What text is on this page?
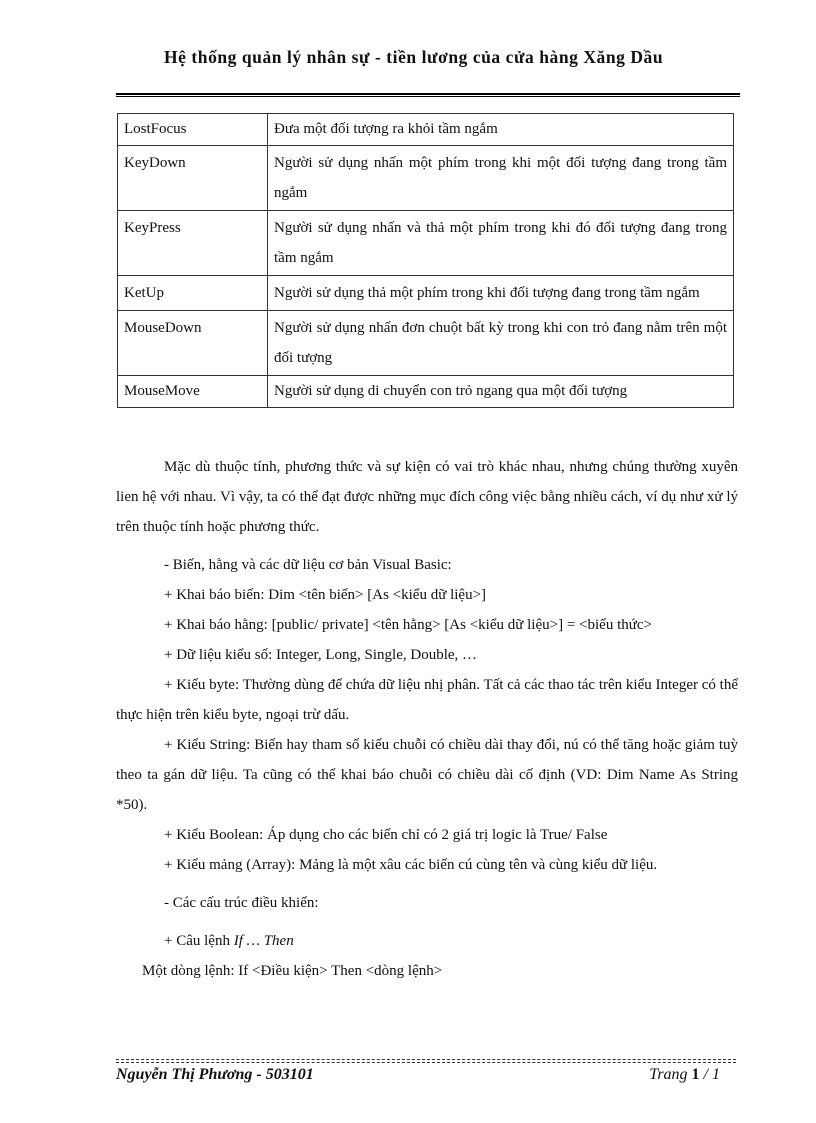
Hệ thống quản lý nhân sự - tiền lương của cửa hàng Xăng Dầu

LostFocus	Đưa một đối tượng ra khỏi tầm ngắm
KeyDown	Người sử dụng nhấn một phím trong khi một đối tượng đang trong tầm ngắm
KeyPress	Người sử dụng nhấn và thả một phím trong khi đó đối tượng đang trong tầm ngắm
KetUp	Người sử dụng thả một phím trong khi đối tượng đang trong tầm ngắm
MouseDown	Người sử dụng nhấn đơn chuột bất kỳ trong khi con trỏ đang nằm trên một đối tượng
MouseMove	Người sử dụng di chuyển con trỏ ngang qua một đối tượng

Mặc dù thuộc tính, phương thức và sự kiện có vai trò khác nhau, nhưng chúng thường xuyên lien hệ với nhau. Vì vậy, ta có thể đạt được những mục đích công việc bằng nhiều cách, ví dụ như xử lý trên thuộc tính hoặc phương thức.

- Biến, hằng và các dữ liệu cơ bản Visual Basic:

+ Khai báo biến: Dim <tên biến> [As <kiểu dữ liệu>]

+ Khai báo hằng: [public/ private] <tên hằng> [As <kiểu dữ liệu>] = <biểu thức>

+ Dữ liệu kiểu số: Integer, Long, Single, Double, …

+ Kiểu byte: Thường dùng để chứa dữ liệu nhị phân. Tất cả các thao tác trên kiểu Integer có thể thực hiện trên kiểu byte, ngoại trừ dấu.

+ Kiểu String: Biến hay tham số kiểu chuỗi có chiều dài thay đổi, nú có thể tăng hoặc giảm tuỳ theo ta gán dữ liệu. Ta cũng có thể khai báo chuỗi có chiều dài cố định (VD: Dim Name As String *50).

+ Kiểu Boolean: Áp dụng cho các biến chỉ có 2 giá trị logic là True/ False

+ Kiểu mảng (Array): Mảng là một xâu các biến cú cùng tên và cùng kiểu dữ liệu.

- Các cấu trúc điều khiển:

+ Câu lệnh If … Then

Một dòng lệnh: If <Điều kiện> Then <dòng lệnh>

Nguyễn Thị Phương - 503101	Trang 1 / 1
